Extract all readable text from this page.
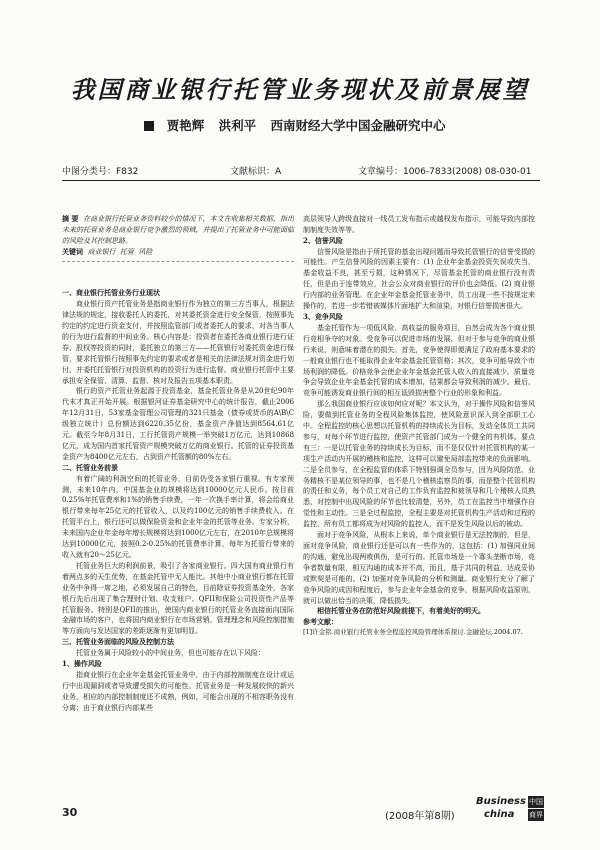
我国商业银行托管业务现状及前景展望
贾艳辉 洪利平 西南财经大学中国金融研究中心
中图分类号：F832	文献标识：A	文章编号：1006-7833(2008) 08-030-01

摘 要 在商业银行托管业务资料较少的情况下，本文在收集相关数据，指出未来的托管业务是商业银行竞争激烈的领域，并提出了托管业务中可能面临的风险及其控制思路。
关键词 商业银行  托管  风险

一、商业银行托管业务行业现状

商业银行资产托管业务是指商业银行作为独立的第三方当事人，根据法律法规的规定，接收委托人的委托，对其委托资金进行安全保管，按照事先约定的约定进行资金支付，并按照监管部门或者委托人的要求，对各当事人的行为进行监督的中间业务。核心内容是：投资者在委托各商业银行进行证券、股权等投资的同时，委托独立的第三方——托管银行对委托资金进行保管，要求托管银行按照事先约定的要求或者是相关的法律法规对资金进行划付，并委托托管银行对投资机构的投资行为进行监督。商业银行托管中主要承担安全保管、清算、监督、核对及报告五项基本职责。

银行的资产托管业务起源于投资基金，基金托管业务是从20世纪90年代末才真正开始开展。根据银河证券基金研究中心的统计报告，截止2006年12月31日，53家基金管理公司管理的321只基金（债券或货币的A\B\C级独立统计）总份额达到6220.35亿份，基金资产净值达到8564.61亿元。截至今年8月31日，工行托管资产规模一举突破1万亿元，达到10868亿元，成为国内首家托管资产规模突破万亿的商业银行。托管的证券投资基金资产为8400亿元左右，占到资产托管额的80%左右。

二、托管业务前景

有着广阔的利润空间的托管业务，目前仍受各家银行重视。有专家预测，未来10年内，中国基金业的规模将达到10000亿元人民币。按目前0.25%年托管费率和1%的销售手续费，一年一次换手率计算，将会给商业银行带来每年25亿元的托管收入，以及约100亿元的销售手续费收入。在托管平台上，银行还可以做保险资金和企业年金的托管等业务。专家分析，未来国内企业年金每年增长规模将达到1000亿元左右，在2010年总规模将达到10000亿元，按照0.2-0.25%的托管费率计算，每年为托管行带来的收入就有20～25亿元。

托管业务巨大的利润前景，吸引了各家商业银行。四大国有商业银行有着两点多的天生优势，在基金托管中无人能比。其他中小商业银行都在托管业务中争得一席之地，必须发展自己的特色，目前除证券投资基金外，各家银行先后出现了集合理财计划、收支账户、QFII和保险公司投资性产品等托管服务。特别是QFII的推出，使国内商业银行的托管业务直接面向国际金融市场的客户，也将国内商业银行在市场营销、管理理念和风险控制措施等方面向与发达国家的差距逐渐有更加明显。

三、托管业务面临的风险及控制方法

托管业务属于风险较小的中间业务，但也可能存在以下风险：

1、操作风险

指商业银行在企业年金基金托管业务中，由于内部控制制度在设计或运行中出现漏洞或者导致遭受损失的可能性。托管业务是一种发展较快的新兴业务，相应的内部控制制度还不成熟，例如，可能会出现的不相容职务没有分离；由于商业银行内部某些

高层领导人跨级直接对一线员工发布指示或越权发布指示，可能导致内部控制制度失效等等。

2、信誉风险

信誉风险是指由于所托管的基金出现问题而导致托管银行的信誉受损的可能性。产生信誉风险的因素主要有：(1) 企业年金基金投资失误或失当，基金收益不良，甚至亏损，这种情况下，尽管基金托管的商业银行没有责任，但是由于连带效应，社会公众对商业银行的评价也会降低。(2) 商业银行内部的业务管理。在企业年金基金托管业务中，员工出现一些不按规定来操作的，若进一步若错被媒体片面地扩大和渲染，对银行信誉损害很大。

3、竞争风险

基金托管作为一项低风险、高收益的服务项目，自然会成为各个商业银行竞相争夺的对象。受竞争可以促进市场的发展，但对于参与竞争的商业银行来说，则意味着潜在的损失。首先，竞争使得即便满足了政府基本要求的一般商业银行也不能取得企业年金基金托管资格；其次，竞争可能导致个市场利润的降低。价格竞争会使企业年金基金托管人收入的直接减少。质量竞争会导致企业年金基金托管的成本增加，结果都会导致利润的减少。最后，竞争可能诱发商业银行间的相互诋毁损害整个行业的形象和利益。

那么我国商业银行应该如何应对呢？本文认为，对于操作风险和信誉风险，要做到托管业务的全程风险集体监控，使风险意识深入到全部职工心中。全程监控的核心思想以托管机构的持续成长为目标，发动全体员工共同参与，对每个环节进行监控，使资产托管部门成为一个健全的有机体。要点有三：一是以托管业务的持续成长为目标，而不是仅仅针对托管机构的某一项生产活动内开展的稽核和监控，这样可以避免局部监控带来的负面影响。二是全员参与，在全程监管的体系下特别强调全员参与，因为风险防范、业务精核不是某位领导的事，也不是几个稽核监察员的事，而是整个托管机构的责任和义务，每个员工对自己的工作负有监控和被领导和几个稽核人员熟悉，对控制中出现风险的环节也比较清楚，另外，员工在监控当中增强作自觉性和主动性。三是全过程监控，全程主要是对托管机构生产活动和过程的监控，所有员工都将成为对风险的监控人，而不是发生风险以后的被动。

面对于竞争风险，从根本上来说，单个商业银行是无法控制的，但是，面对竞争风险，商业银行还是可以有一些作为的，这包括：(1) 加强同业间的沟通，避免出现两败俱伤，是可行的。托管市场是一个寡头垄断市场，竞争者数量有限，相互沟通的成本并不高，而且，基于共同的利益，达成妥协或默契是可能的。(2) 加强对竞争风险的分析和测量。商业银行充分了解了竞争风险的成因和程度后，参与企业年金基金的竞争，根据风险收益原则，就可以做出恰当的决策，降低损失。

相信托管业务在防范好风险前提下，有着美好的明天。

参考文献：

[1]许金铭.商业银行托管业务全程监控风险管理体系探讨.金融论坛.2004.07.

30	(2008年第8期)
Business
china
中国
商界
